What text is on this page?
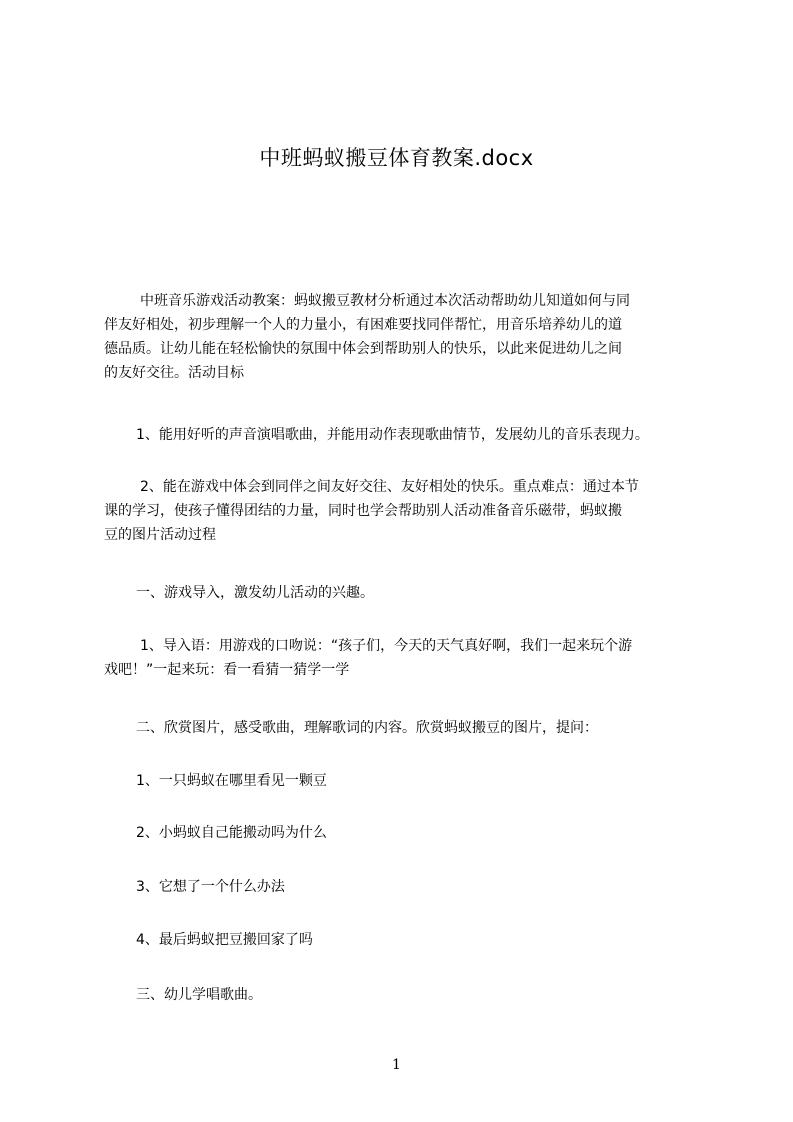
中班蚂蚁搬豆体育教案.docx

中班音乐游戏活动教案：蚂蚁搬豆教材分析通过本次活动帮助幼儿知道如何与同
伴友好相处，初步理解一个人的力量小，有困难要找同伴帮忙，用音乐培养幼儿的道
德品质。让幼儿能在轻松愉快的氛围中体会到帮助别人的快乐，以此来促进幼儿之间
的友好交往。活动目标

1、能用好听的声音演唱歌曲，并能用动作表现歌曲情节，发展幼儿的音乐表现力。

2、能在游戏中体会到同伴之间友好交往、友好相处的快乐。重点难点：通过本节
课的学习，使孩子懂得团结的力量，同时也学会帮助别人活动准备音乐磁带，蚂蚁搬
豆的图片活动过程

一、游戏导入，激发幼儿活动的兴趣。

1、导入语：用游戏的口吻说：“孩子们，今天的天气真好啊，我们一起来玩个游
戏吧！”一起来玩：看一看猜一猜学一学

二、欣赏图片，感受歌曲，理解歌词的内容。欣赏蚂蚁搬豆的图片，提问：

1、一只蚂蚁在哪里看见一颗豆

2、小蚂蚁自己能搬动吗为什么

3、它想了一个什么办法

4、最后蚂蚁把豆搬回家了吗

三、幼儿学唱歌曲。

1
